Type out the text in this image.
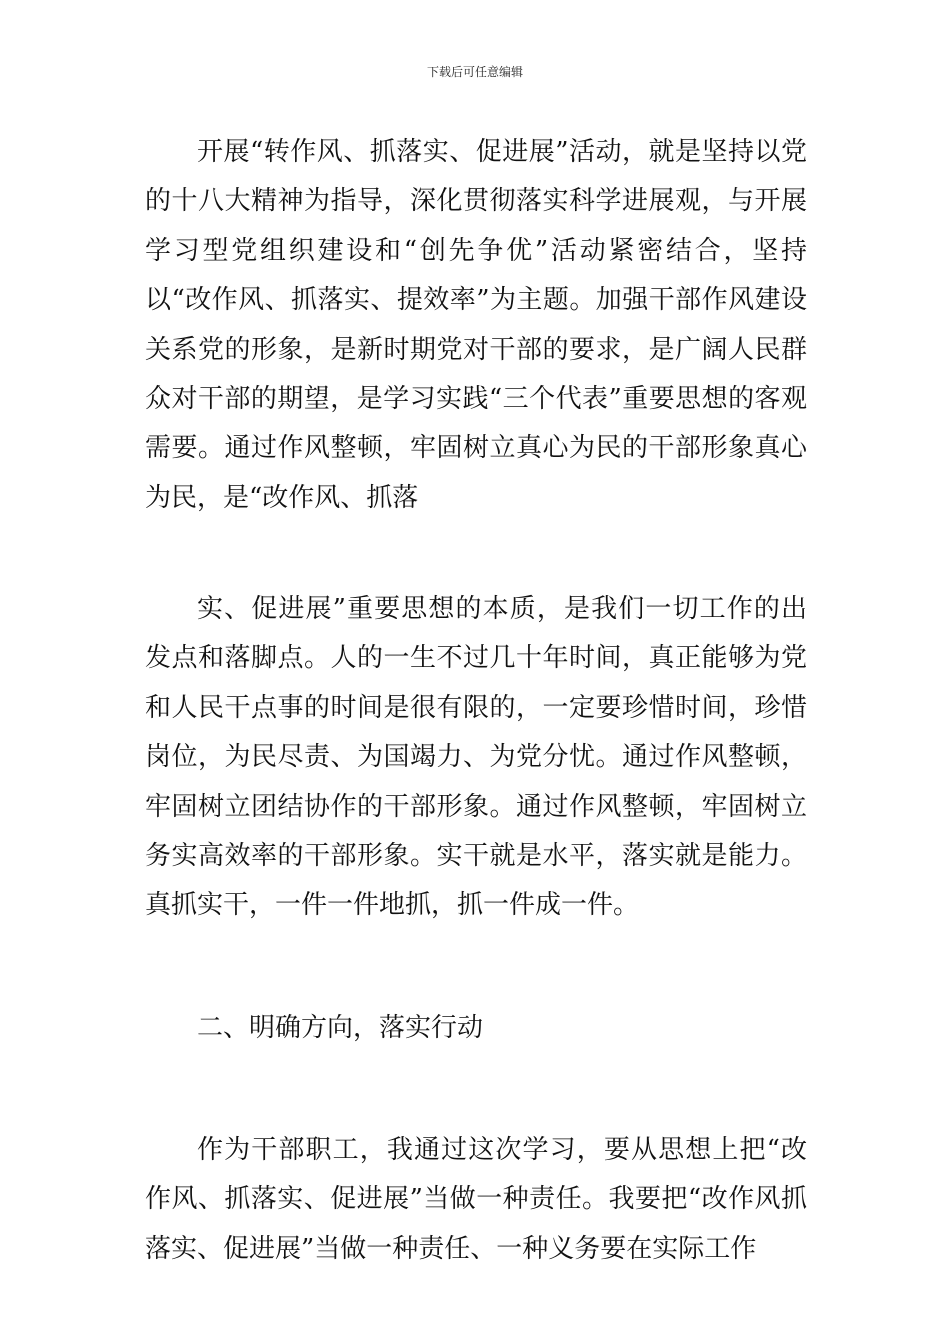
下载后可任意编辑

开展“转作风、抓落实、促进展”活动，就是坚持以党的十八大精神为指导，深化贯彻落实科学进展观，与开展学习型党组织建设和“创先争优”活动紧密结合，坚持以“改作风、抓落实、提效率”为主题。加强干部作风建设关系党的形象，是新时期党对干部的要求，是广阔人民群众对干部的期望，是学习实践“三个代表”重要思想的客观需要。通过作风整顿，牢固树立真心为民的干部形象真心为民，是“改作风、抓落

实、促进展”重要思想的本质，是我们一切工作的出发点和落脚点。人的一生不过几十年时间，真正能够为党和人民干点事的时间是很有限的，一定要珍惜时间，珍惜岗位，为民尽责、为国竭力、为党分忧。通过作风整顿，牢固树立团结协作的干部形象。通过作风整顿，牢固树立务实高效率的干部形象。实干就是水平，落实就是能力。真抓实干，一件一件地抓，抓一件成一件。

二、明确方向，落实行动

作为干部职工，我通过这次学习，要从思想上把“改作风、抓落实、促进展”当做一种责任。我要把“改作风抓落实、促进展”当做一种责任、一种义务要在实际工作
